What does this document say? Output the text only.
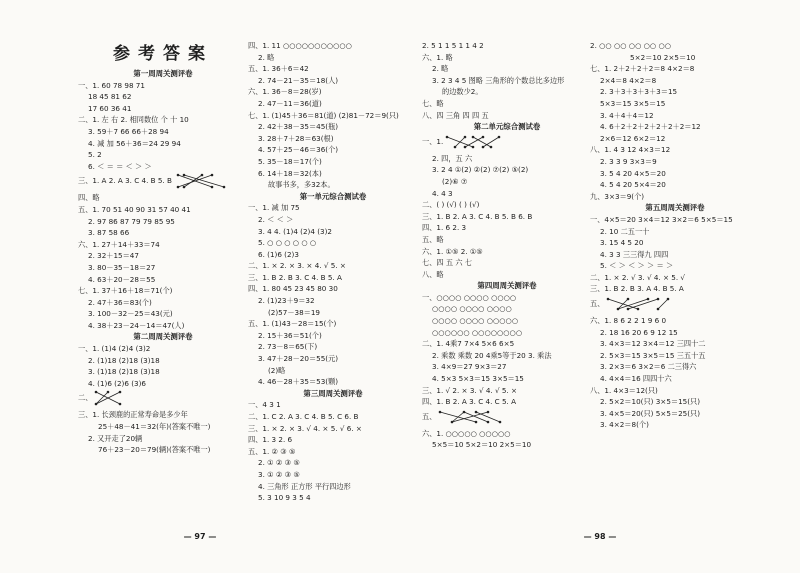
参考答案
第一周周关测评卷
一、1. 60 78 98 71
18 45 81 62
17 60 36 41
二、1. 左 右 2. 相同数位 个 十 10
3. 59＋7 66 66＋28 94
4. 减 加 56＋36＝24 29 94
5. 2
6. ＜ ＝ ＝ ＜ ＞ ＞
三、1. A 2. A 3. C 4. B 5. B
四、略
五、1. 70 51 40 90 31 57 40 41
2. 97 86 87 79 79 85 95
3. 87 58 66
六、1. 27＋14＋33＝74
2. 32＋15＝47
3. 80－35－18＝27
4. 63＋20－28＝55
七、1. 37＋16＋18＝71(个)
2. 47＋36＝83(个)
3. 100－32－25＝43(元)
4. 38＋23－24－14＝47(人)
第二周周关测评卷
一、1. (1)4 (2)4 (3)2
2. (1)18 (2)18 (3)18
3. (1)18 (2)18 (3)18
4. (1)6 (2)6 (3)6
二、
三、1. 长颈鹿的正常寿命是多少年
25＋48－41＝32(年)(答案不唯一)
2. 又开走了20辆
76＋23－20＝79(辆)(答案不唯一)
四、1. 11 ○○○○○○○○○○○
2. 略
五、1. 36＋6＝42
2. 74－21－35＝18(人)
六、1. 36－8＝28(岁)
2. 47－11＝36(道)
七、1. (1)45＋36＝81(道) (2)81－72＝9(只)
2. 42＋38－35＝45(瓶)
3. 28＋7＋28＝63(根)
4. 57＋25－46＝36(个)
5. 35－18＝17(个)
6. 14＋18＝32(本)
故事书多，多32本。
第一单元综合测试卷
一、1. 减 加 75
2. ＜ ＜ ＞
3. 4 4. (1)4 (2)4 (3)2
5. ○ ○ ○ ○ ○ ○
6. (1)6 (2)3
二、1. × 2. × 3. × 4. √ 5. ×
三、1. B 2. B 3. C 4. B 5. A
四、1. 80 45 23 45 80 30
2. (1)23＋9＝32
(2)57－38＝19
五、1. (1)43－28＝15(个)
2. 15＋36＝51(个)
2. 73－8＝65(下)
3. 47＋28－20＝55(元)
(2)略
4. 46－28＋35＝53(颗)
第三周周关测评卷
一、4 3 1
二、1. C 2. A 3. C 4. B 5. C 6. B
三、1. × 2. × 3. √ 4. × 5. √ 6. ×
四、1. 3 2. 6
五、1. ② ③ ⑤
2. ① ② ③ ⑤
3. ① ② ③ ⑤
4. 三角形 正方形 平行四边形
5. 3 10 9 3 5 4
— 97 —
2. 5 1 1 5 1 1 4 2
六、1. 略
2. 略
3. 2 3 4 5 图略 三角形的个数总比多边形
的边数少2。
七、略
八、四 三角 四 四 五
第二单元综合测试卷
一、1.
2. 四，五 六
3. 2 4 ①(2) ②(2) ⑦(2) ⑤(2)
(2)⑥ ⑦
4. 4 3
二、( ) (√) ( ) (√)
三、1. B 2. A 3. C 4. B 5. B 6. B
四、1. 6 2. 3
五、略
六、1. ①⑤ 2. ①⑤
七、四 五 六 七
八、略
第四周周关测评卷
一、○○○○ ○○○○ ○○○○
○○○○ ○○○○ ○○○○
○○○○ ○○○○ ○○○○○
○○○○○○ ○○○○○○○○
二、1. 4乘7 7×4 5×6 6×5
2. 乘数 乘数 20 4乘5等于20 3. 乘法
3. 4×9＝27 9×3＝27
4. 5×3 5×3＝15 3×5＝15
三、1. √ 2. × 3. √ 4. √ 5. ×
四、1. B 2. A 3. C 4. C 5. A
五、
六、1. ○○○○○ ○○○○○
5×5＝10 5×2＝10 2×5＝10
2. ○○ ○○ ○○ ○○ ○○
5×2＝10 2×5＝10
七、1. 2＋2＋2＋2＝8 4×2＝8
2×4＝8 4×2＝8
2. 3＋3＋3＋3＋3＝15
5×3＝15 3×5＝15
3. 4＋4＋4＝12
4. 6＋2＋2＋2＋2＋2＋2＝12
2×6＝12 6×2＝12
八、1. 4 3 12 4×3＝12
2. 3 3 9 3×3＝9
3. 5 4 20 4×5＝20
4. 5 4 20 5×4＝20
九、3×3＝9(个)
第五周周关测评卷
一、4×5＝20 3×4＝12 3×2＝6 5×5＝15
2. 10 二五一十
3. 15 4 5 20
4. 3 3 三三得九 四四
5. ＜ ＞ ＜ ＞ ＞ ＝ ＞
二、1. × 2. √ 3. √ 4. × 5. √
三、1. B 2. B 3. A 4. B 5. A
五、
六、1. 8 6 2 2 1 9 6 0
2. 18 16 20 6 9 12 15
3. 4×3＝12 3×4＝12 三四十二
2. 5×3＝15 3×5＝15 三五十五
3. 2×3＝6 3×2＝6 二三得六
4. 4×4＝16 四四十六
八、1. 4×3＝12(只)
2. 5×2＝10(只) 3×5＝15(只)
3. 4×5＝20(只) 5×5＝25(只)
3. 4×2＝8(个)
— 98 —
